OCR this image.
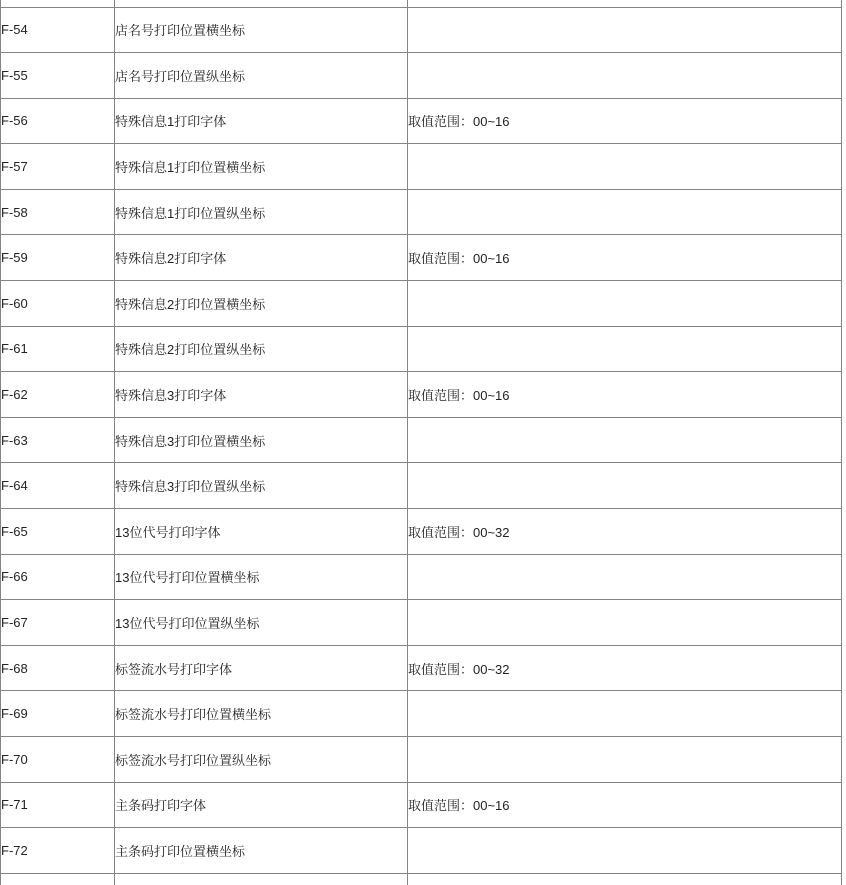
F-54	店名号打印位置横坐标	
F-55	店名号打印位置纵坐标	
F-56	特殊信息1打印字体	取值范围：00~16
F-57	特殊信息1打印位置横坐标	
F-58	特殊信息1打印位置纵坐标	
F-59	特殊信息2打印字体	取值范围：00~16
F-60	特殊信息2打印位置横坐标	
F-61	特殊信息2打印位置纵坐标	
F-62	特殊信息3打印字体	取值范围：00~16
F-63	特殊信息3打印位置横坐标	
F-64	特殊信息3打印位置纵坐标	
F-65	13位代号打印字体	取值范围：00~32
F-66	13位代号打印位置横坐标	
F-67	13位代号打印位置纵坐标	
F-68	标签流水号打印字体	取值范围：00~32
F-69	标签流水号打印位置横坐标	
F-70	标签流水号打印位置纵坐标	
F-71	主条码打印字体	取值范围：00~16
F-72	主条码打印位置横坐标	
